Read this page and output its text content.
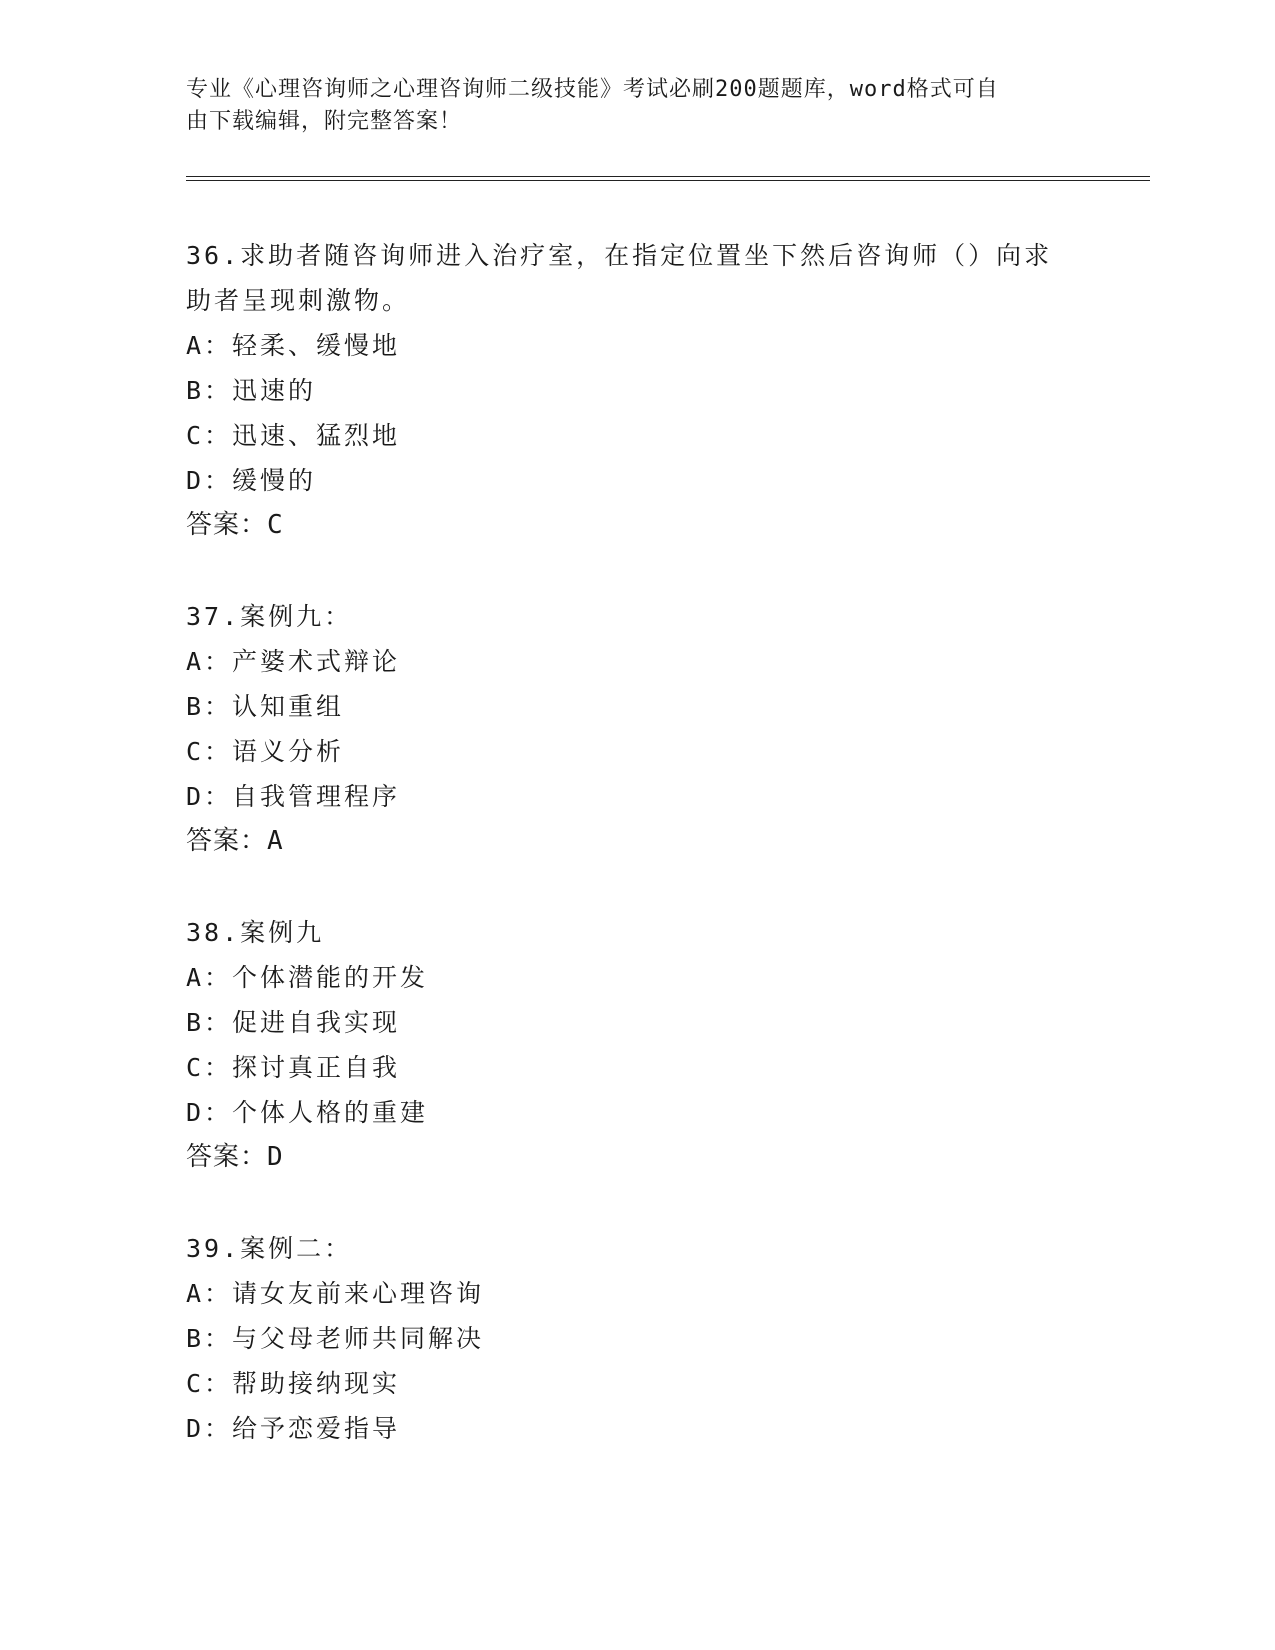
专业《心理咨询师之心理咨询师二级技能》考试必刷200题题库，word格式可自
由下载编辑，附完整答案！
36.求助者随咨询师进入治疗室，在指定位置坐下然后咨询师（）向求助者呈现刺激物。
A：轻柔、缓慢地
B：迅速的
C：迅速、猛烈地
D：缓慢的
答案：C
37.案例九：
A：产婆术式辩论
B：认知重组
C：语义分析
D：自我管理程序
答案：A
38.案例九
A：个体潜能的开发
B：促进自我实现
C：探讨真正自我
D：个体人格的重建
答案：D
39.案例二：
A：请女友前来心理咨询
B：与父母老师共同解决
C：帮助接纳现实
D：给予恋爱指导
